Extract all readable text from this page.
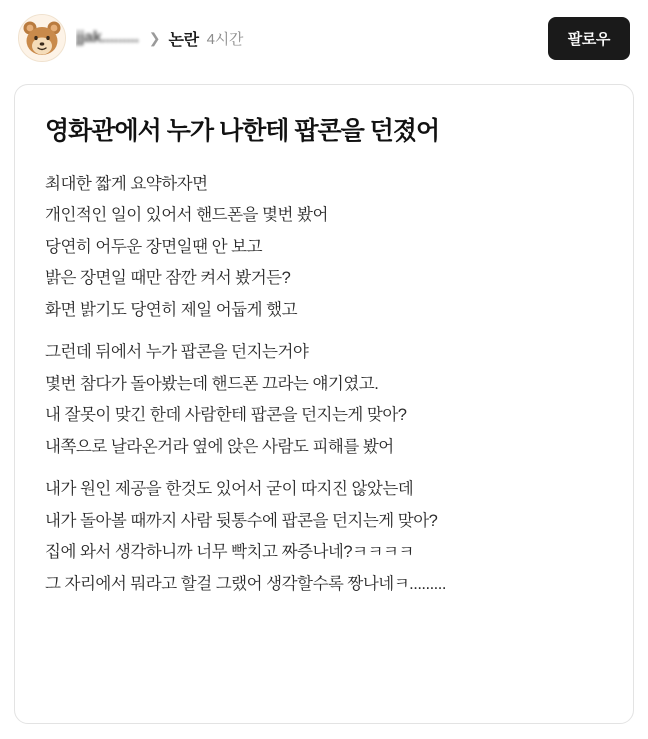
jjak......... ❯ 논란 4시간	팔로우
영화관에서 누가 나한테 팝콘을 던졌어

최대한 짧게 요약하자면

개인적인 일이 있어서 핸드폰을 몇번 봤어

당연히 어두운 장면일땐 안 보고

밝은 장면일 때만 잠깐 켜서 봤거든?

화면 밝기도 당연히 제일 어둡게 했고

그런데 뒤에서 누가 팝콘을 던지는거야

몇번 참다가 돌아봤는데 핸드폰 끄라는 얘기였고.

내 잘못이 맞긴 한데 사람한테 팝콘을 던지는게 맞아?

내쪽으로 날라온거라 옆에 앉은 사람도 피해를 봤어

내가 원인 제공을 한것도 있어서 굳이 따지진 않았는데

내가 돌아볼 때까지 사람 뒷통수에 팝콘을 던지는게 맞아?

집에 와서 생각하니까 너무 빡치고 짜증나네?ㅋㅋㅋㅋ

그 자리에서 뭐라고 할걸 그랬어 생각할수록 짱나네ㅋ.........
